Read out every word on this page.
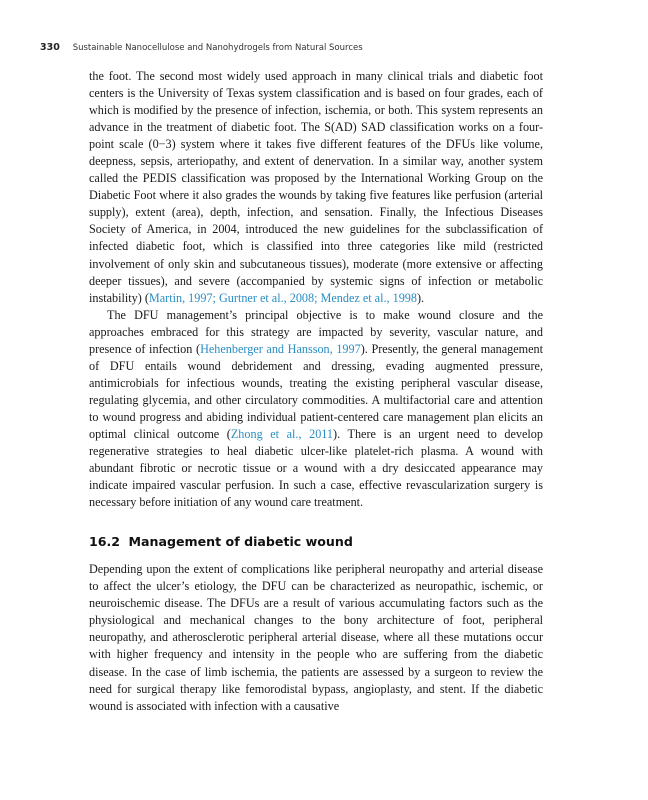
330 Sustainable Nanocellulose and Nanohydrogels from Natural Sources

the foot. The second most widely used approach in many clinical trials and diabetic foot centers is the University of Texas system classification and is based on four grades, each of which is modified by the presence of infection, ischemia, or both. This system represents an advance in the treatment of diabetic foot. The S(AD) SAD classification works on a four-point scale (0−3) system where it takes five different features of the DFUs like volume, deepness, sepsis, arteriopathy, and extent of denervation. In a similar way, another system called the PEDIS classification was proposed by the International Working Group on the Diabetic Foot where it also grades the wounds by taking five features like perfusion (arterial supply), extent (area), depth, infection, and sensation. Finally, the Infectious Diseases Society of America, in 2004, introduced the new guidelines for the subclassification of infected diabetic foot, which is classified into three categories like mild (restricted involvement of only skin and subcutaneous tissues), moderate (more extensive or affecting deeper tissues), and severe (accompanied by systemic signs of infection or metabolic instability) (Martin, 1997; Gurtner et al., 2008; Mendez et al., 1998).

The DFU management’s principal objective is to make wound closure and the approaches embraced for this strategy are impacted by severity, vascular nature, and presence of infection (Hehenberger and Hansson, 1997). Presently, the general management of DFU entails wound debridement and dressing, evading augmented pressure, antimicrobials for infectious wounds, treating the existing peripheral vascular disease, regulating glycemia, and other circulatory commodities. A multifactorial care and attention to wound progress and abiding individual patient-centered care management plan elicits an optimal clinical outcome (Zhong et al., 2011). There is an urgent need to develop regenerative strategies to heal diabetic ulcer-like platelet-rich plasma. A wound with abundant fibrotic or necrotic tissue or a wound with a dry desiccated appearance may indicate impaired vascular perfusion. In such a case, effective revascularization surgery is necessary before initiation of any wound care treatment.

16.2 Management of diabetic wound

Depending upon the extent of complications like peripheral neuropathy and arterial disease to affect the ulcer’s etiology, the DFU can be characterized as neuropathic, ischemic, or neuroischemic disease. The DFUs are a result of various accumulating factors such as the physiological and mechanical changes to the bony architecture of foot, peripheral neuropathy, and atherosclerotic peripheral arterial disease, where all these mutations occur with higher frequency and intensity in the people who are suffering from the diabetic disease. In the case of limb ischemia, the patients are assessed by a surgeon to review the need for surgical therapy like femorodistal bypass, angioplasty, and stent. If the diabetic wound is associated with infection with a causative
